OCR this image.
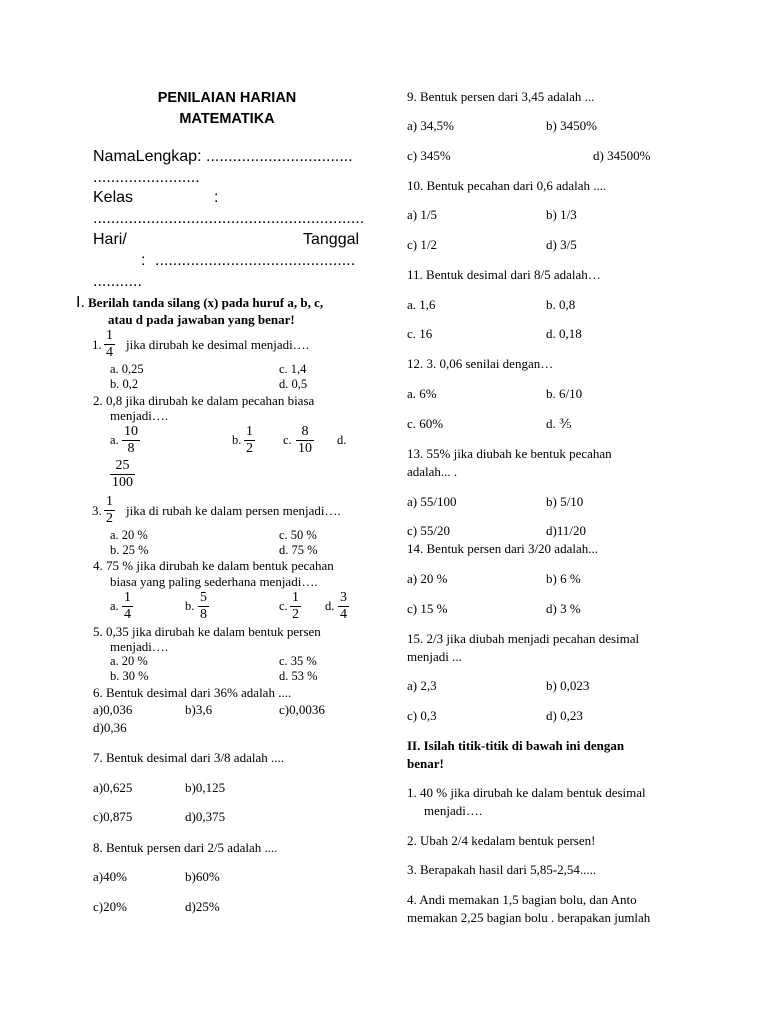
PENILAIAN HARIAN
MATEMATIKA
NamaLengkap: .................................
........................
Kelas	:
.............................................................
Hari/	Tanggal
: .............................................
...........
I. Berilah tanda silang (x) pada huruf a, b, c,
atau d pada jawaban yang benar!
1. $\frac{1}{4}$ jika dirubah ke desimal menjadi….
a. 0,25
b. 0,2
c. 1,4
d. 0,5
2. 0,8 jika dirubah ke dalam pecahan biasa
menjadi….
a. $\frac{10}{8}$	b. $\frac{1}{2} c$. $\frac{8}{10} d$.
$\frac{25}{100}$
3. $\frac{1}{2}$ jika di rubah ke dalam persen menjadi….
a. 20 %
b. 25 %
c. 50 %
d. 75 %
4. 75 % jika dirubah ke dalam bentuk pecahan
biasa yang paling sederhana menjadi….
a. $\frac{1}{4}$	b. $\frac{5}{8}$	c. $\frac{1}{2} d$. $\frac{3}{4}$
5. 0,35 jika dirubah ke dalam bentuk persen
menjadi….
a. 20 %
b. 30 %
c. 35 %
d. 53 %
6. Bentuk desimal dari 36% adalah ....
a)0,036	b)3,6	c)0,0036
d)0,36
7. Bentuk desimal dari 3/8 adalah ....
a)0,625	b)0,125
c)0,875	d)0,375
8. Bentuk persen dari 2/5 adalah ....
a)40%	b)60%
c)20%	d)25%
9. Bentuk persen dari 3,45 adalah ...
a) 34,5%	b) 3450%
c) 345%	d) 34500%
10. Bentuk pecahan dari 0,6 adalah ....
a) 1/5	b) 1/3
c) 1/2	d) 3/5
11. Bentuk desimal dari 8/5 adalah…
a. 1,6	b. 0,8
c. 16	d. 0,18
12. 3. 0,06 senilai dengan…
a. 6%	b. 6/10
c. 60%	d. ⅗
13. 55% jika diubah ke bentuk pecahan
adalah... .
a) 55/100	b) 5/10
c) 55/20	d)11/20
14. Bentuk persen dari 3/20 adalah...
a) 20 %	b) 6 %
c) 15 %	d) 3 %
15. 2/3 jika diubah menjadi pecahan desimal
menjadi ...
a) 2,3	b) 0,023
c) 0,3	d) 0,23
II. Isilah titik-titik di bawah ini dengan
benar!
1. 40 % jika dirubah ke dalam bentuk desimal
menjadi….
2. Ubah 2/4 kedalam bentuk persen!
3. Berapakah hasil dari 5,85-2,54.....
4. Andi memakan 1,5 bagian bolu, dan Anto
memakan 2,25 bagian bolu . berapakan jumlah
